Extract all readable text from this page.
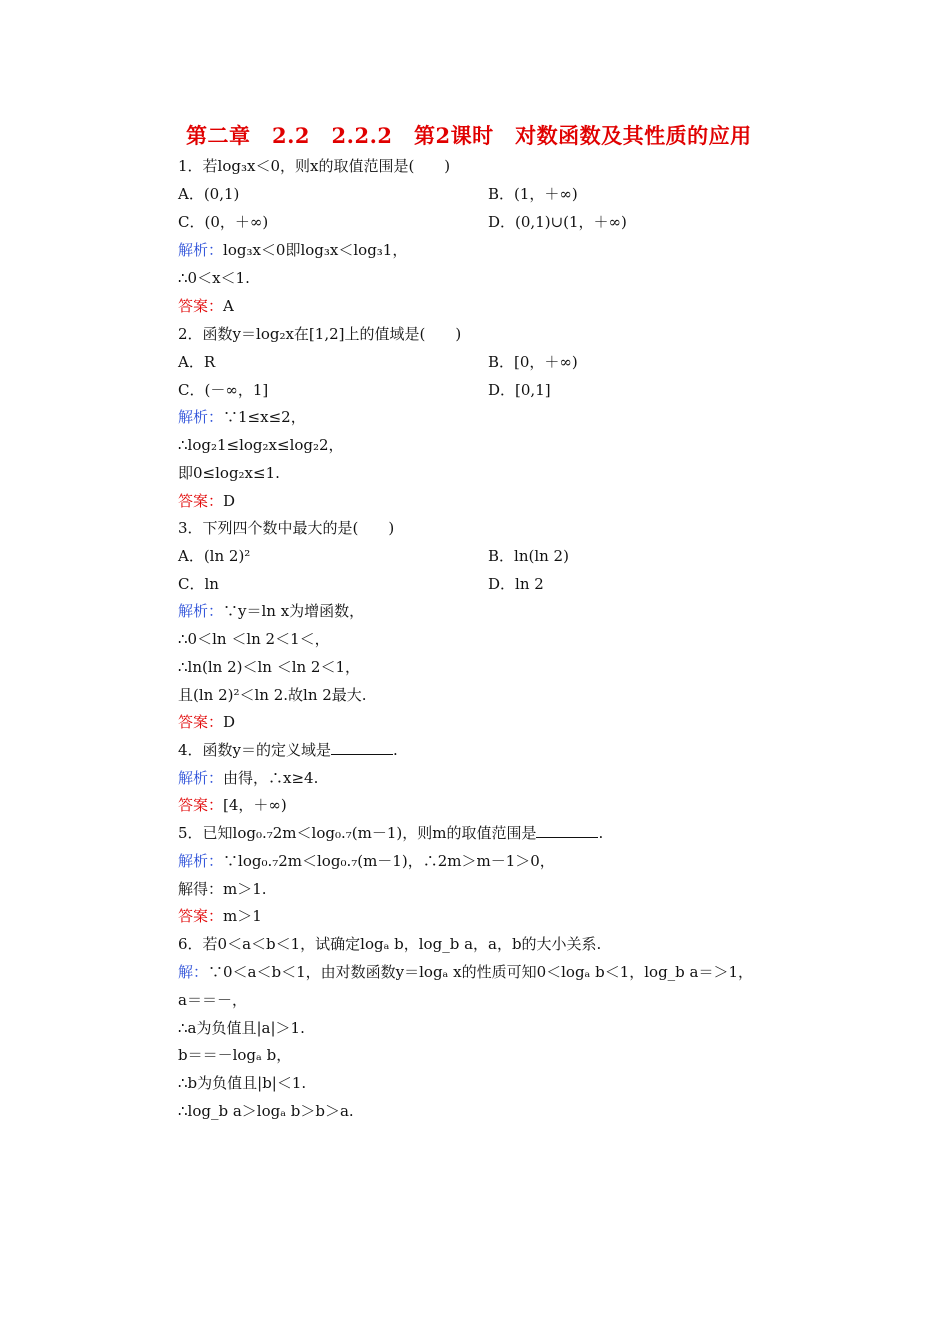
第二章　2.2　2.2.2　第2课时　对数函数及其性质的应用
1．若log₃x＜0，则x的取值范围是(　　)
A．(0,1)	B．(1，＋∞)
C．(0，＋∞)	D．(0,1)∪(1，＋∞)
解析：log₃x＜0即log₃x＜log₃1，
∴0＜x＜1.
答案：A
2．函数y＝log₂x在[1,2]上的值域是(　　)
A．R	B．[0，＋∞)
C．(－∞，1]	D．[0,1]
解析：∵1≤x≤2，
∴log₂1≤log₂x≤log₂2，
即0≤log₂x≤1.
答案：D
3．下列四个数中最大的是(　　)
A．(ln 2)²	B．ln(ln 2)
C．ln	D．ln 2
解析：∵y＝ln x为增函数，
∴0＜ln ＜ln 2＜1＜，
∴ln(ln 2)＜ln ＜ln 2＜1，
且(ln 2)²＜ln 2.故ln 2最大.
答案：D
4．函数y＝的定义域是	.
解析：由得，∴x≥4.
答案：[4，＋∞)
5．已知log₀.₇2m＜log₀.₇(m－1)，则m的取值范围是	.
解析：∵log₀.₇2m＜log₀.₇(m－1)，∴2m＞m－1＞0，
解得：m＞1.
答案：m＞1
6．若0＜a＜b＜1，试确定logₐ b，log_b a，a，b的大小关系.
解：∵0＜a＜b＜1，由对数函数y＝logₐ x的性质可知0＜logₐ b＜1，log_b a＝＞1，
a＝＝－，
∴a为负值且|a|＞1.
b＝＝－logₐ b，
∴b为负值且|b|＜1.
∴log_b a＞logₐ b＞b＞a.
